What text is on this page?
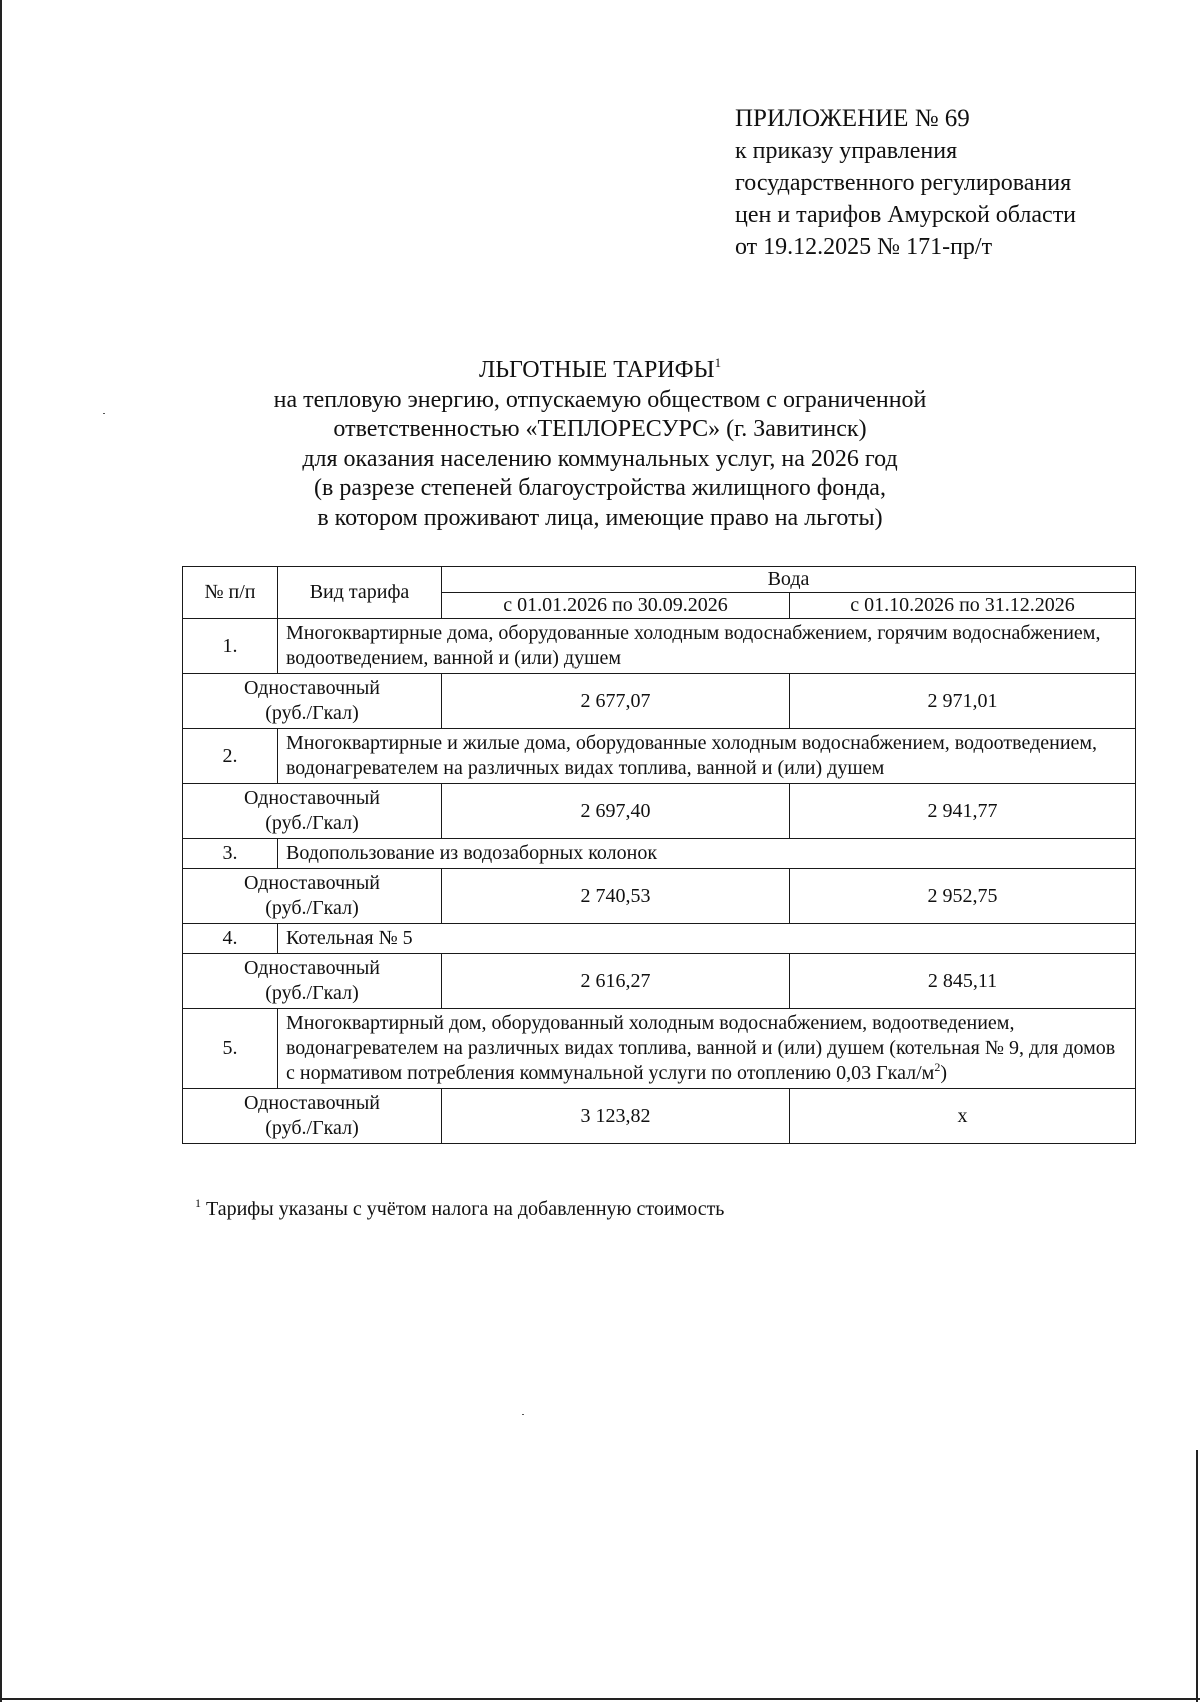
ПРИЛОЖЕНИЕ № 69
к приказу управления
государственного регулирования
цен и тарифов Амурской области
от 19.12.2025 № 171-пр/т
ЛЬГОТНЫЕ ТАРИФЫ$^1$
на тепловую энергию, отпускаемую обществом с ограниченной
ответственностью «ТЕПЛОРЕСУРС» (г. Завитинск)
для оказания населению коммунальных услуг, на 2026 год
(в разрезе степеней благоустройства жилищного фонда,
в котором проживают лица, имеющие право на льготы)
№ п/п	Вид тарифа	Вода	
		с 01.01.2026 по 30.09.2026	с 01.10.2026 по 31.12.2026
1.	Многоквартирные дома, оборудованные холодным водоснабжением, горячим водоснабжением, водоотведением, ванной и (или) душем		

Одноставочный
(руб./Гкал)		2 677,07	2 971,01
2.	Многоквартирные и жилые дома, оборудованные холодным водоснабжением, водоотведением, водонагревателем на различных видах топлива, ванной и (или) душем		

Одноставочный
(руб./Гкал)		2 697,40	2 941,77
3.	Водопользование из водозаборных колонок		

Одноставочный
(руб./Гкал)		2 740,53	2 952,75
4.	Котельная № 5		

Одноставочный
(руб./Гкал)		2 616,27	2 845,11
5.	Многоквартирный дом, оборудованный холодным водоснабжением, водоотведением, водонагревателем на различных видах топлива, ванной и (или) душем (котельная № 9, для домов с нормативом потребления коммунальной услуги по отоплению 0,03 Гкал/$м^2$)		

Одноставочный
(руб./Гкал)		3 123,82	х
$^1$ Тарифы указаны с учётом налога на добавленную стоимость
